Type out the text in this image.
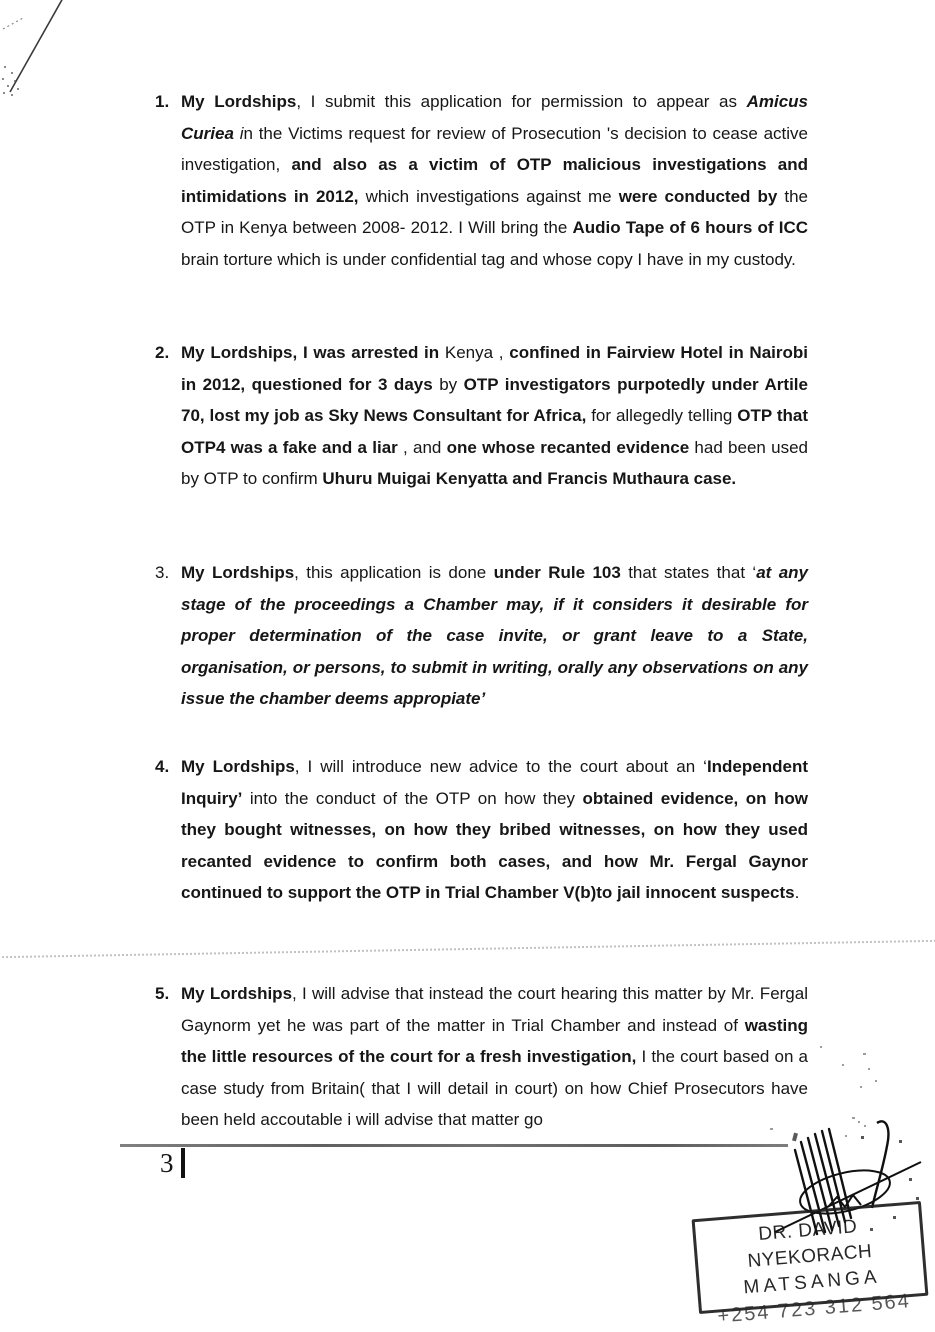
1. My Lordships, I submit this application for permission to appear as Amicus Curiea in the Victims request for review of Prosecution 's decision to cease active investigation, and also as a victim of OTP malicious investigations and intimidations in 2012, which investigations against me were conducted by the OTP in Kenya between 2008- 2012. I Will bring the Audio Tape of 6 hours of ICC brain torture which is under confidential tag and whose copy I have in my custody.
2. My Lordships, I was arrested in Kenya , confined in Fairview Hotel in Nairobi in 2012, questioned for 3 days by OTP investigators purpotedly under Artile 70, lost my job as Sky News Consultant for Africa, for allegedly telling OTP that OTP4 was a fake and a liar , and one whose recanted evidence had been used by OTP to confirm Uhuru Muigai Kenyatta and Francis Muthaura case.
3. My Lordships, this application is done under Rule 103 that states that ‘at any stage of the proceedings a Chamber may, if it considers it desirable for proper determination of the case invite, or grant leave to a State, organisation, or persons, to submit in writing, orally any observations on any issue the chamber deems appropiate’
4. My Lordships, I will introduce new advice to the court about an ‘Independent Inquiry’ into the conduct of the OTP on how they obtained evidence, on how they bought witnesses, on how they bribed witnesses, on how they used recanted evidence to confirm both cases, and how Mr. Fergal Gaynor continued to support the OTP in Trial Chamber V(b)to jail innocent suspects.
5. My Lordships, I will advise that instead the court hearing this matter by Mr. Fergal Gaynorm yet he was part of the matter in Trial Chamber and instead of wasting the little resources of the court for a fresh investigation, I the court based on a case study from Britain( that I will detail in court) on how Chief Prosecutors have been held accoutable i will advise that matter go
3
DR. DAVID NYEKORACH
MATSANGA
+254 723 312 564
